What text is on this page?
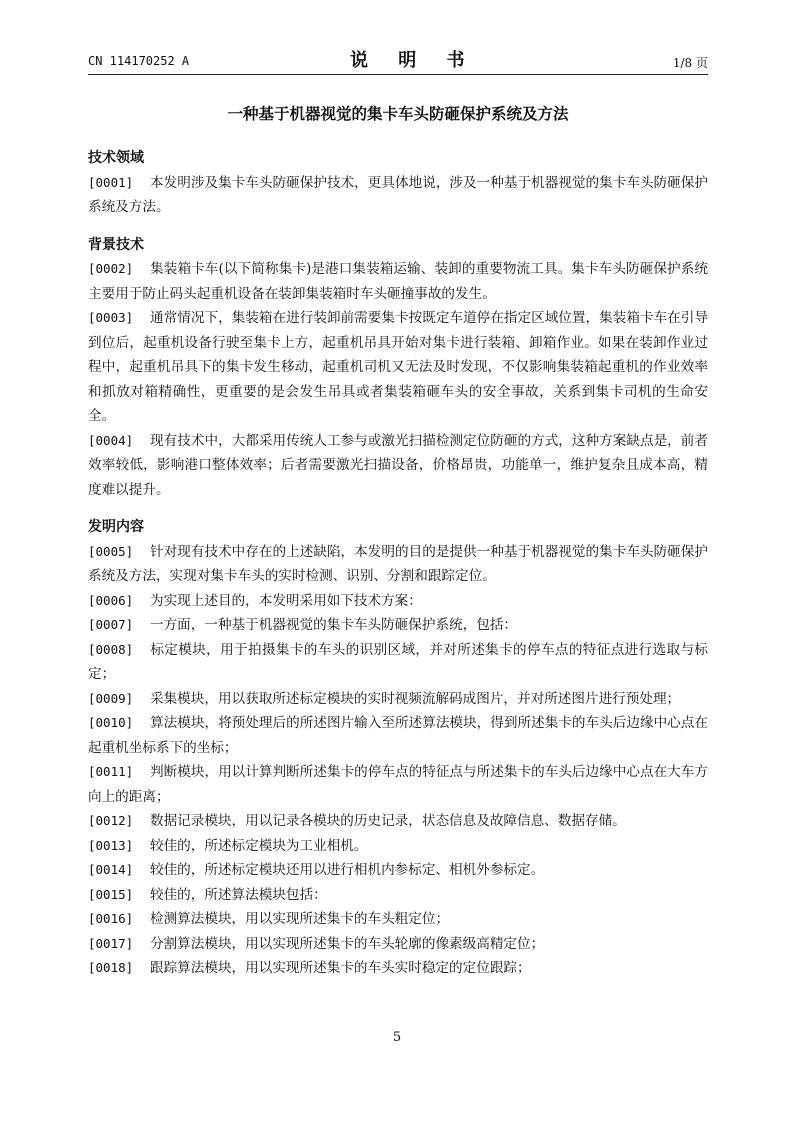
CN 114170252 A	说 明 书	1/8 页
一种基于机器视觉的集卡车头防砸保护系统及方法
技术领域
[0001] 本发明涉及集卡车头防砸保护技术，更具体地说，涉及一种基于机器视觉的集卡车头防砸保护系统及方法。
背景技术
[0002] 集装箱卡车(以下简称集卡)是港口集装箱运输、装卸的重要物流工具。集卡车头防砸保护系统主要用于防止码头起重机设备在装卸集装箱时车头砸撞事故的发生。
[0003] 通常情况下，集装箱在进行装卸前需要集卡按既定车道停在指定区域位置，集装箱卡车在引导到位后，起重机设备行驶至集卡上方，起重机吊具开始对集卡进行装箱、卸箱作业。如果在装卸作业过程中，起重机吊具下的集卡发生移动，起重机司机又无法及时发现，不仅影响集装箱起重机的作业效率和抓放对箱精确性，更重要的是会发生吊具或者集装箱砸车头的安全事故，关系到集卡司机的生命安全。
[0004] 现有技术中，大都采用传统人工参与或激光扫描检测定位防砸的方式，这种方案缺点是，前者效率较低，影响港口整体效率；后者需要激光扫描设备，价格昂贵，功能单一，维护复杂且成本高，精度难以提升。
发明内容
[0005] 针对现有技术中存在的上述缺陷，本发明的目的是提供一种基于机器视觉的集卡车头防砸保护系统及方法，实现对集卡车头的实时检测、识别、分割和跟踪定位。
[0006] 为实现上述目的，本发明采用如下技术方案：
[0007] 一方面，一种基于机器视觉的集卡车头防砸保护系统，包括：
[0008] 标定模块，用于拍摄集卡的车头的识别区域，并对所述集卡的停车点的特征点进行选取与标定；
[0009] 采集模块，用以获取所述标定模块的实时视频流解码成图片，并对所述图片进行预处理；
[0010] 算法模块，将预处理后的所述图片输入至所述算法模块，得到所述集卡的车头后边缘中心点在起重机坐标系下的坐标；
[0011] 判断模块，用以计算判断所述集卡的停车点的特征点与所述集卡的车头后边缘中心点在大车方向上的距离；
[0012] 数据记录模块，用以记录各模块的历史记录，状态信息及故障信息、数据存储。
[0013] 较佳的，所述标定模块为工业相机。
[0014] 较佳的，所述标定模块还用以进行相机内参标定、相机外参标定。
[0015] 较佳的，所述算法模块包括：
[0016] 检测算法模块，用以实现所述集卡的车头粗定位；
[0017] 分割算法模块，用以实现所述集卡的车头轮廓的像素级高精定位；
[0018] 跟踪算法模块，用以实现所述集卡的车头实时稳定的定位跟踪；
5
